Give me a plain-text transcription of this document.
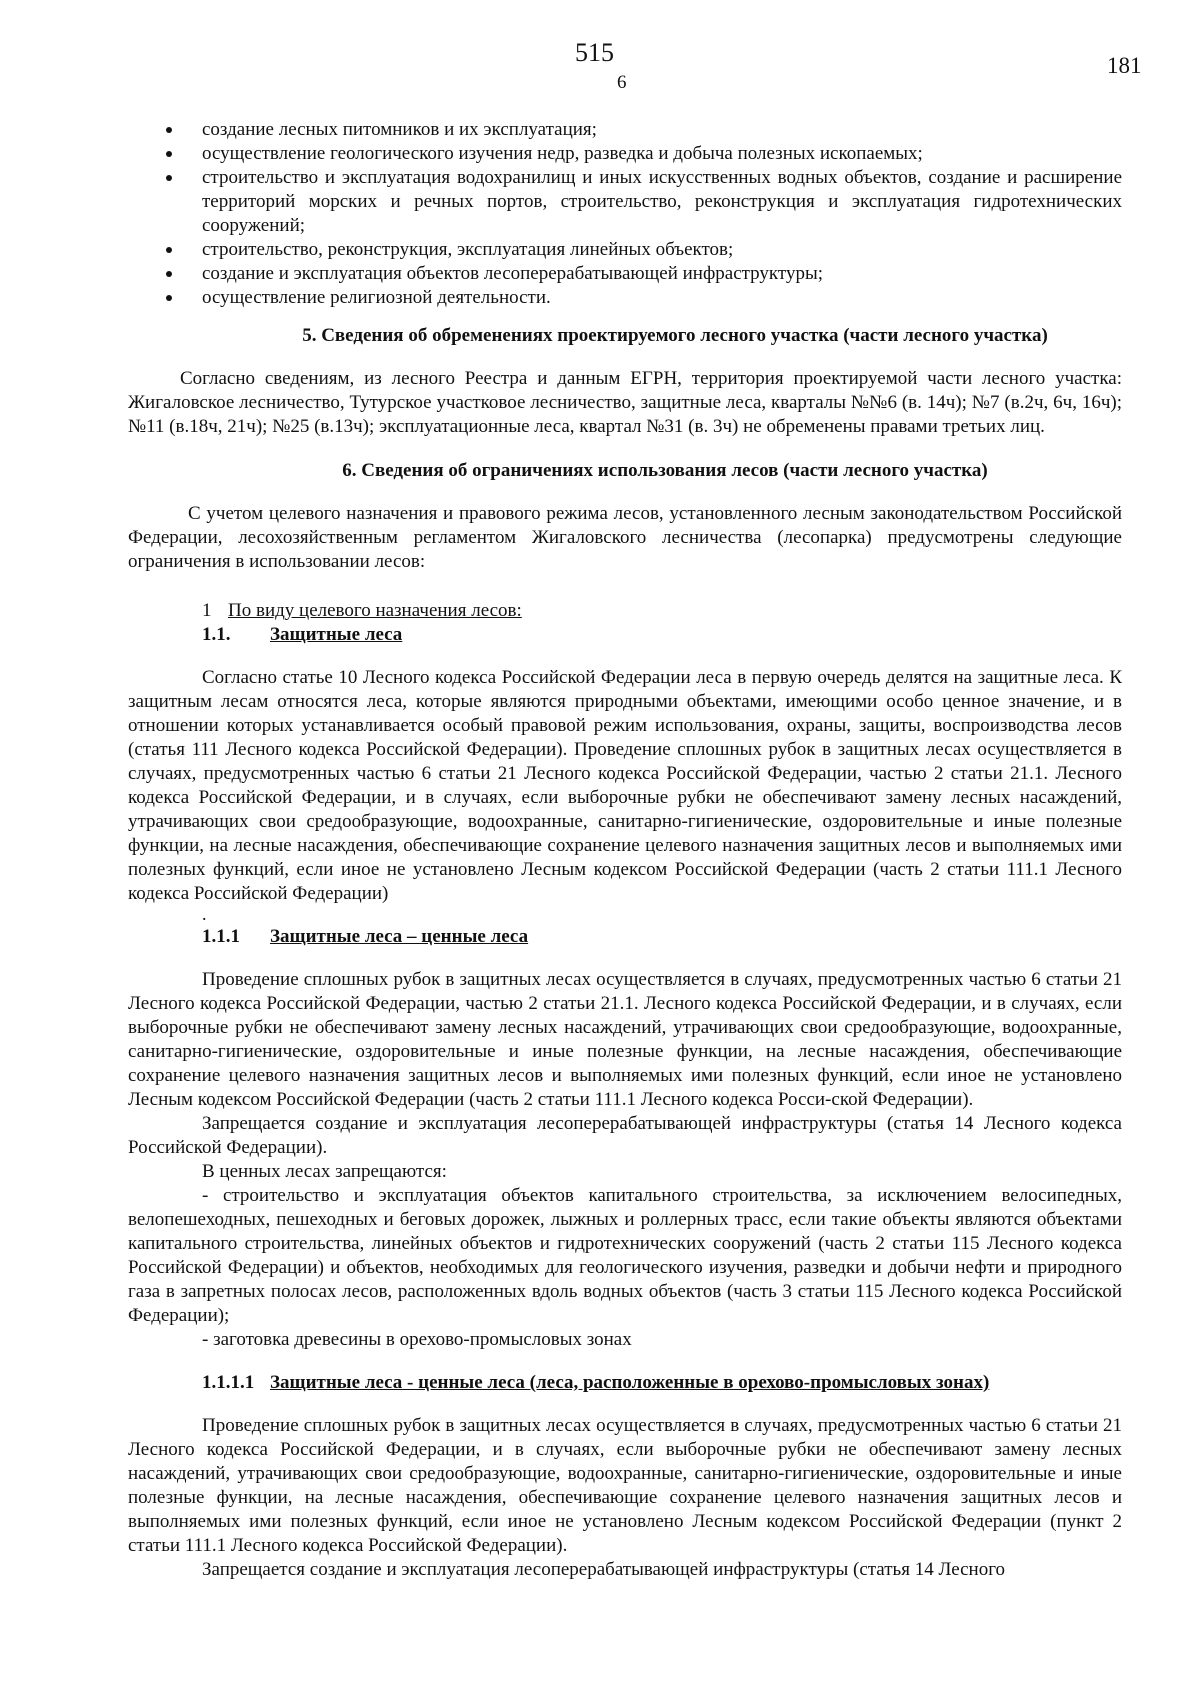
515
6
181
создание лесных питомников и их эксплуатация;
осуществление геологического изучения недр, разведка и добыча полезных ископаемых;
строительство и эксплуатация водохранилищ и иных искусственных водных объектов, создание и расширение территорий морских и речных портов, строительство, реконструкция и эксплуатация гидротехнических сооружений;
строительство, реконструкция, эксплуатация линейных объектов;
создание и эксплуатация объектов лесоперерабатывающей инфраструктуры;
осуществление религиозной деятельности.
5. Сведения об обременениях проектируемого лесного участка (части лесного участка)

Согласно сведениям, из лесного Реестра и данным ЕГРН, территория проектируемой части лесного участка: Жигаловское лесничество, Тутурское участковое лесничество, защитные леса, кварталы №№6 (в. 14ч); №7 (в.2ч, 6ч, 16ч); №11 (в.18ч, 21ч); №25 (в.13ч); эксплуатационные леса, квартал №31 (в. 3ч) не обременены правами третьих лиц.

6. Сведения об ограничениях использования лесов (части лесного участка)

С учетом целевого назначения и правового режима лесов, установленного лесным законодательством Российской Федерации, лесохозяйственным регламентом Жигаловского лесничества (лесопарка) предусмотрены следующие ограничения в использовании лесов:

1 По виду целевого назначения лесов:
1.1. Защитные леса

Согласно статье 10 Лесного кодекса Российской Федерации леса в первую очередь делятся на защитные леса. К защитным лесам относятся леса, которые являются природными объектами, имеющими особо ценное значение, и в отношении которых устанавливается особый правовой режим использования, охраны, защиты, воспроизводства лесов (статья 111 Лесного кодекса Российской Федерации). Проведение сплошных рубок в защитных лесах осуществляется в случаях, предусмотренных частью 6 статьи 21 Лесного кодекса Российской Федерации, частью 2 статьи 21.1. Лесного кодекса Российской Федерации, и в случаях, если выборочные рубки не обеспечивают замену лесных насаждений, утрачивающих свои средообразующие, водоохранные, санитарно-гигиенические, оздоровительные и иные полезные функции, на лесные насаждения, обеспечивающие сохранение целевого назначения защитных лесов и выполняемых ими полезных функций, если иное не установлено Лесным кодексом Российской Федерации (часть 2 статьи 111.1 Лесного кодекса Российской Федерации)

.
1.1.1 Защитные леса – ценные леса

Проведение сплошных рубок в защитных лесах осуществляется в случаях, предусмотренных частью 6 статьи 21 Лесного кодекса Российской Федерации, частью 2 статьи 21.1. Лесного кодекса Российской Федерации, и в случаях, если выборочные рубки не обеспечивают замену лесных насаждений, утрачивающих свои средообразующие, водоохранные, санитарно-гигиенические, оздоровительные и иные полезные функции, на лесные насаждения, обеспечивающие сохранение целевого назначения защитных лесов и выполняемых ими полезных функций, если иное не установлено Лесным кодексом Российской Федерации (часть 2 статьи 111.1 Лесного кодекса Росси-ской Федерации).

Запрещается создание и эксплуатация лесоперерабатывающей инфраструктуры (статья 14 Лесного кодекса Российской Федерации).

В ценных лесах запрещаются:

- строительство и эксплуатация объектов капитального строительства, за исключением велосипедных, велопешеходных, пешеходных и беговых дорожек, лыжных и роллерных трасс, если такие объекты являются объектами капитального строительства, линейных объектов и гидротехнических сооружений (часть 2 статьи 115 Лесного кодекса Российской Федерации) и объектов, необходимых для геологического изучения, разведки и добычи нефти и природного газа в запретных полосах лесов, расположенных вдоль водных объектов (часть 3 статьи 115 Лесного кодекса Российской Федерации);

- заготовка древесины в орехово-промысловых зонах

1.1.1.1 Защитные леса - ценные леса (леса, расположенные в орехово-промысловых зонах)

Проведение сплошных рубок в защитных лесах осуществляется в случаях, предусмотренных частью 6 статьи 21 Лесного кодекса Российской Федерации, и в случаях, если выборочные рубки не обеспечивают замену лесных насаждений, утрачивающих свои средообразующие, водоохранные, санитарно-гигиенические, оздоровительные и иные полезные функции, на лесные насаждения, обеспечивающие сохранение целевого назначения защитных лесов и выполняемых ими полезных функций, если иное не установлено Лесным кодексом Российской Федерации (пункт 2 статьи 111.1 Лесного кодекса Российской Федерации).

Запрещается создание и эксплуатация лесоперерабатывающей инфраструктуры (статья 14 Лесного
